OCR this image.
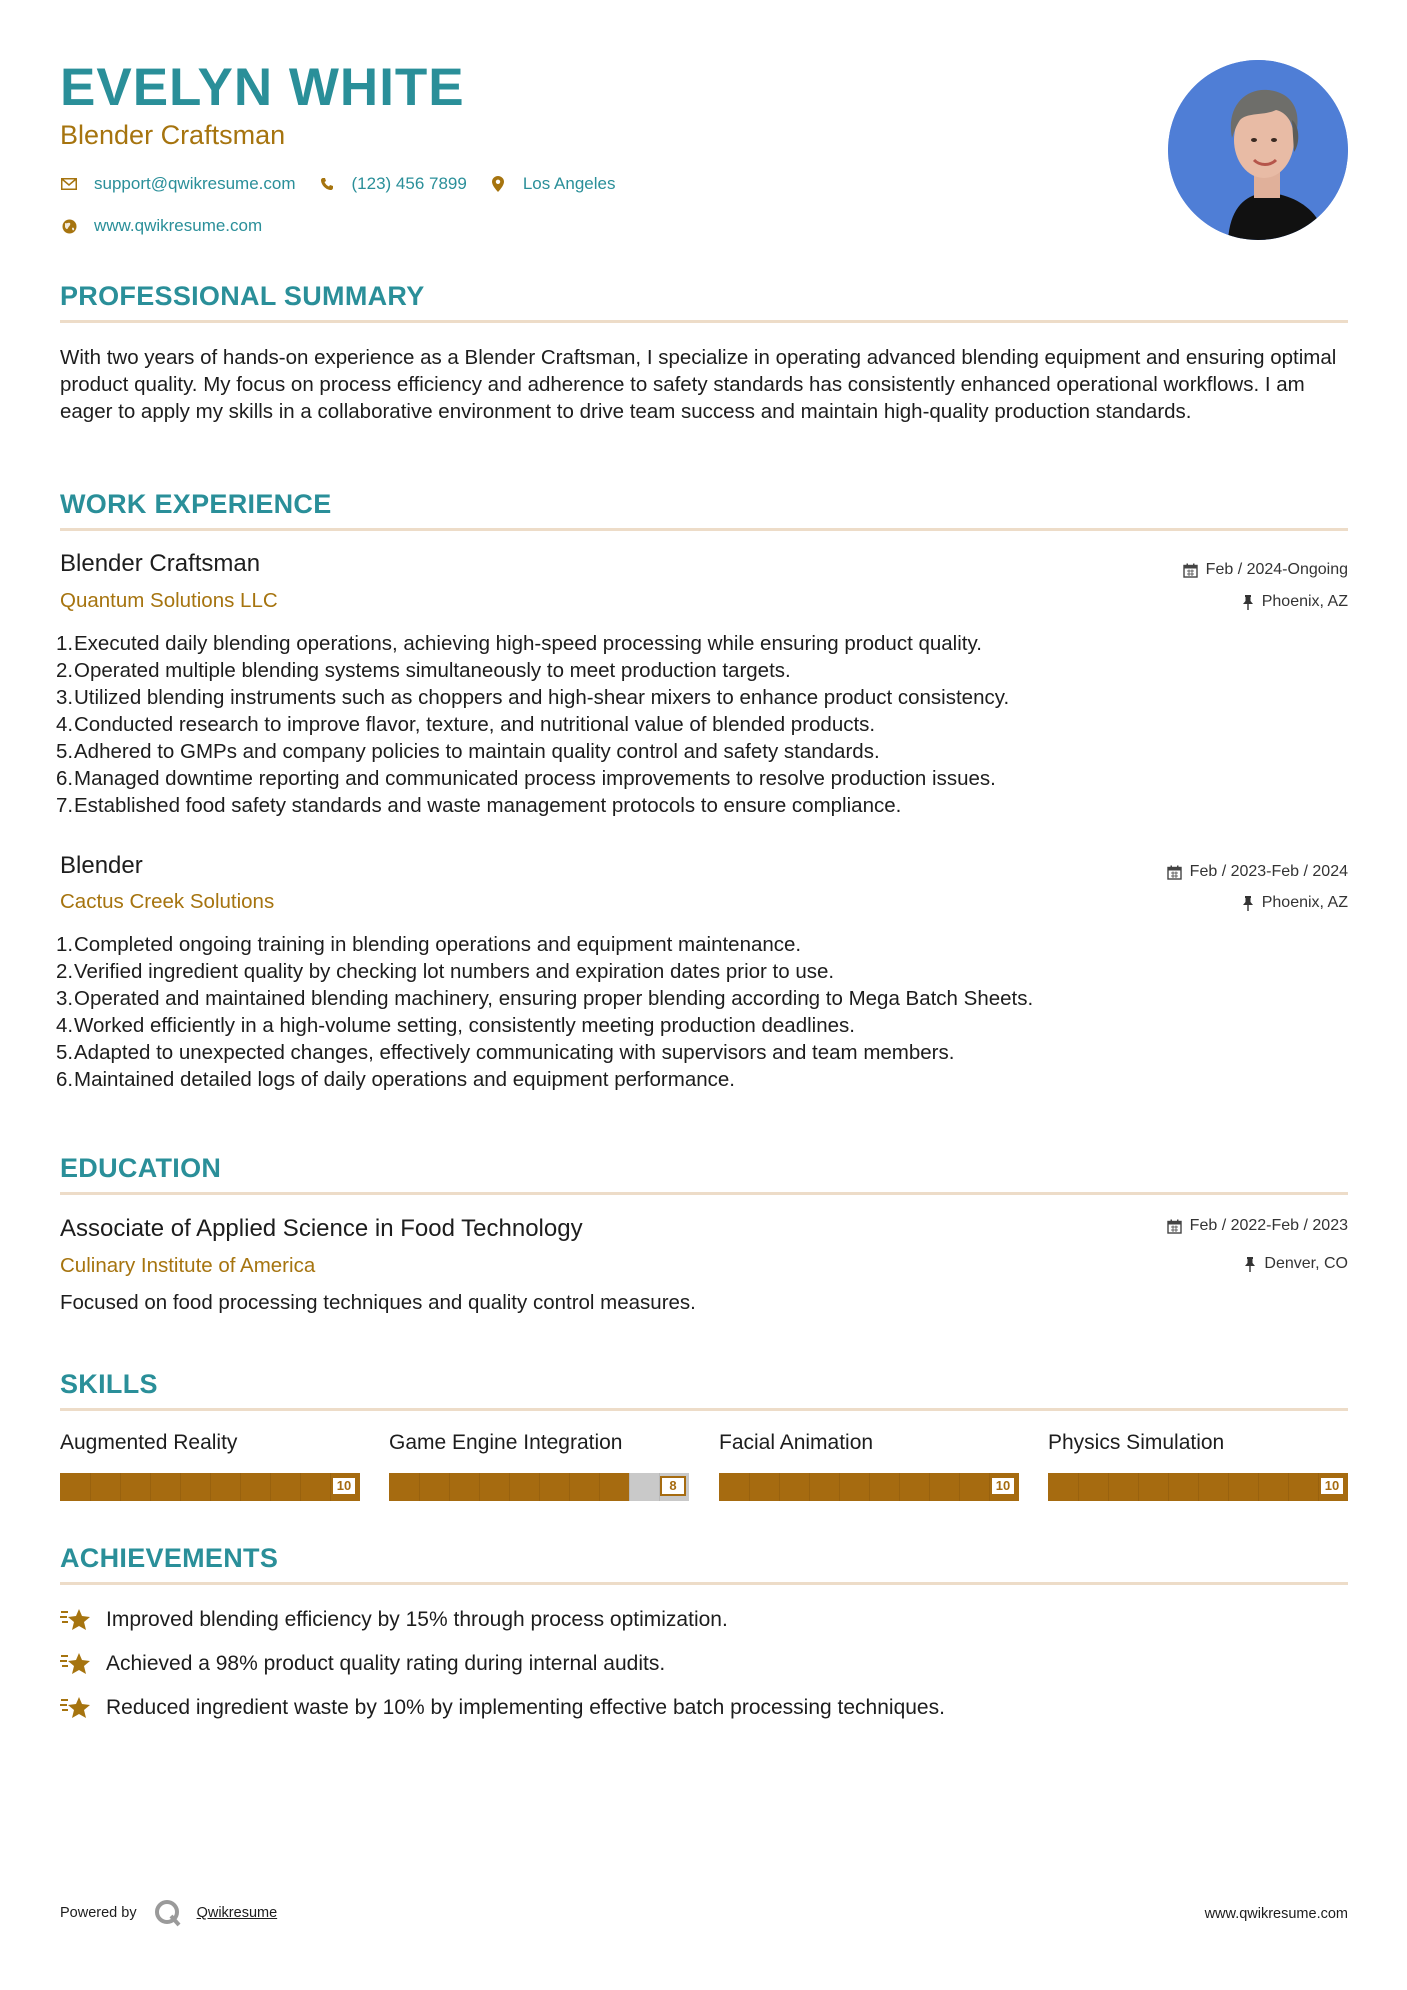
EVELYN WHITE
Blender Craftsman
support@qwikresume.com	(123) 456 7899	Los Angeles
www.qwikresume.com
PROFESSIONAL SUMMARY

With two years of hands-on experience as a Blender Craftsman, I specialize in operating advanced blending equipment and ensuring optimal product quality. My focus on process efficiency and adherence to safety standards has consistently enhanced operational workflows. I am eager to apply my skills in a collaborative environment to drive team success and maintain high-quality production standards.

WORK EXPERIENCE
Blender Craftsman
Quantum Solutions LLC
Feb / 2024-Ongoing
Phoenix, AZ
1. Executed daily blending operations, achieving high-speed processing while ensuring product quality.
2. Operated multiple blending systems simultaneously to meet production targets.
3. Utilized blending instruments such as choppers and high-shear mixers to enhance product consistency.
4. Conducted research to improve flavor, texture, and nutritional value of blended products.
5. Adhered to GMPs and company policies to maintain quality control and safety standards.
6. Managed downtime reporting and communicated process improvements to resolve production issues.
7. Established food safety standards and waste management protocols to ensure compliance.
Blender
Cactus Creek Solutions
Feb / 2023-Feb / 2024
Phoenix, AZ
1. Completed ongoing training in blending operations and equipment maintenance.
2. Verified ingredient quality by checking lot numbers and expiration dates prior to use.
3. Operated and maintained blending machinery, ensuring proper blending according to Mega Batch Sheets.
4. Worked efficiently in a high-volume setting, consistently meeting production deadlines.
5. Adapted to unexpected changes, effectively communicating with supervisors and team members.
6. Maintained detailed logs of daily operations and equipment performance.
EDUCATION
Associate of Applied Science in Food Technology
Culinary Institute of America
Feb / 2022-Feb / 2023
Denver, CO

Focused on food processing techniques and quality control measures.

SKILLS
Augmented Reality
10
Game Engine Integration
8
Facial Animation
10
Physics Simulation
10
ACHIEVEMENTS
Improved blending efficiency by 15% through process optimization.
Achieved a 98% product quality rating during internal audits.
Reduced ingredient waste by 10% by implementing effective batch processing techniques.
Powered by	Qwikresume	www.qwikresume.com
